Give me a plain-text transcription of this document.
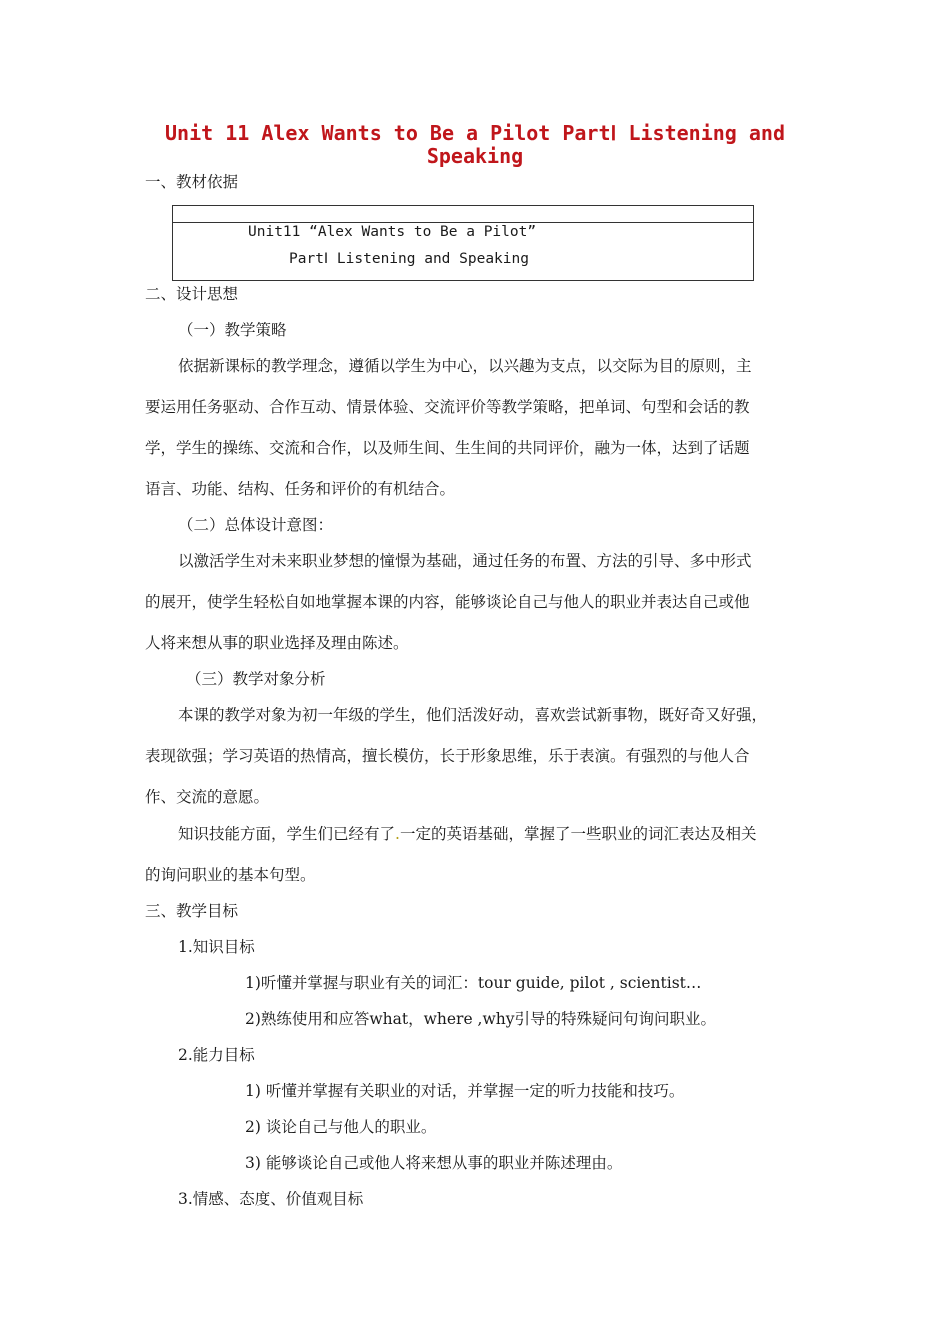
Unit 11 Alex Wants to Be a Pilot PartⅠ Listening and
Speaking
一、教材依据
Unit11 “Alex Wants to Be a Pilot”
PartⅠ Listening and Speaking
二、设计思想
（一）教学策略
依据新课标的教学理念，遵循以学生为中心，以兴趣为支点，以交际为目的原则，主
要运用任务驱动、合作互动、情景体验、交流评价等教学策略，把单词、句型和会话的教
学，学生的操练、交流和合作，以及师生间、生生间的共同评价，融为一体，达到了话题
语言、功能、结构、任务和评价的有机结合。
（二）总体设计意图：
以激活学生对未来职业梦想的憧憬为基础，通过任务的布置、方法的引导、多中形式
的展开，使学生轻松自如地掌握本课的内容，能够谈论自己与他人的职业并表达自己或他
人将来想从事的职业选择及理由陈述。
（三）教学对象分析
本课的教学对象为初一年级的学生，他们活泼好动，喜欢尝试新事物，既好奇又好强，
表现欲强；学习英语的热情高，擅长模仿，长于形象思维，乐于表演。有强烈的与他人合
作、交流的意愿。
知识技能方面，学生们已经有了.一定的英语基础，掌握了一些职业的词汇表达及相关
的询问职业的基本句型。
三、教学目标
1.知识目标
1)听懂并掌握与职业有关的词汇：tour guide, pilot , scientist…
2)熟练使用和应答what，where ,why引导的特殊疑问句询问职业。
2.能力目标
1) 听懂并掌握有关职业的对话，并掌握一定的听力技能和技巧。
2) 谈论自己与他人的职业。
3) 能够谈论自己或他人将来想从事的职业并陈述理由。
3.情感、态度、价值观目标
